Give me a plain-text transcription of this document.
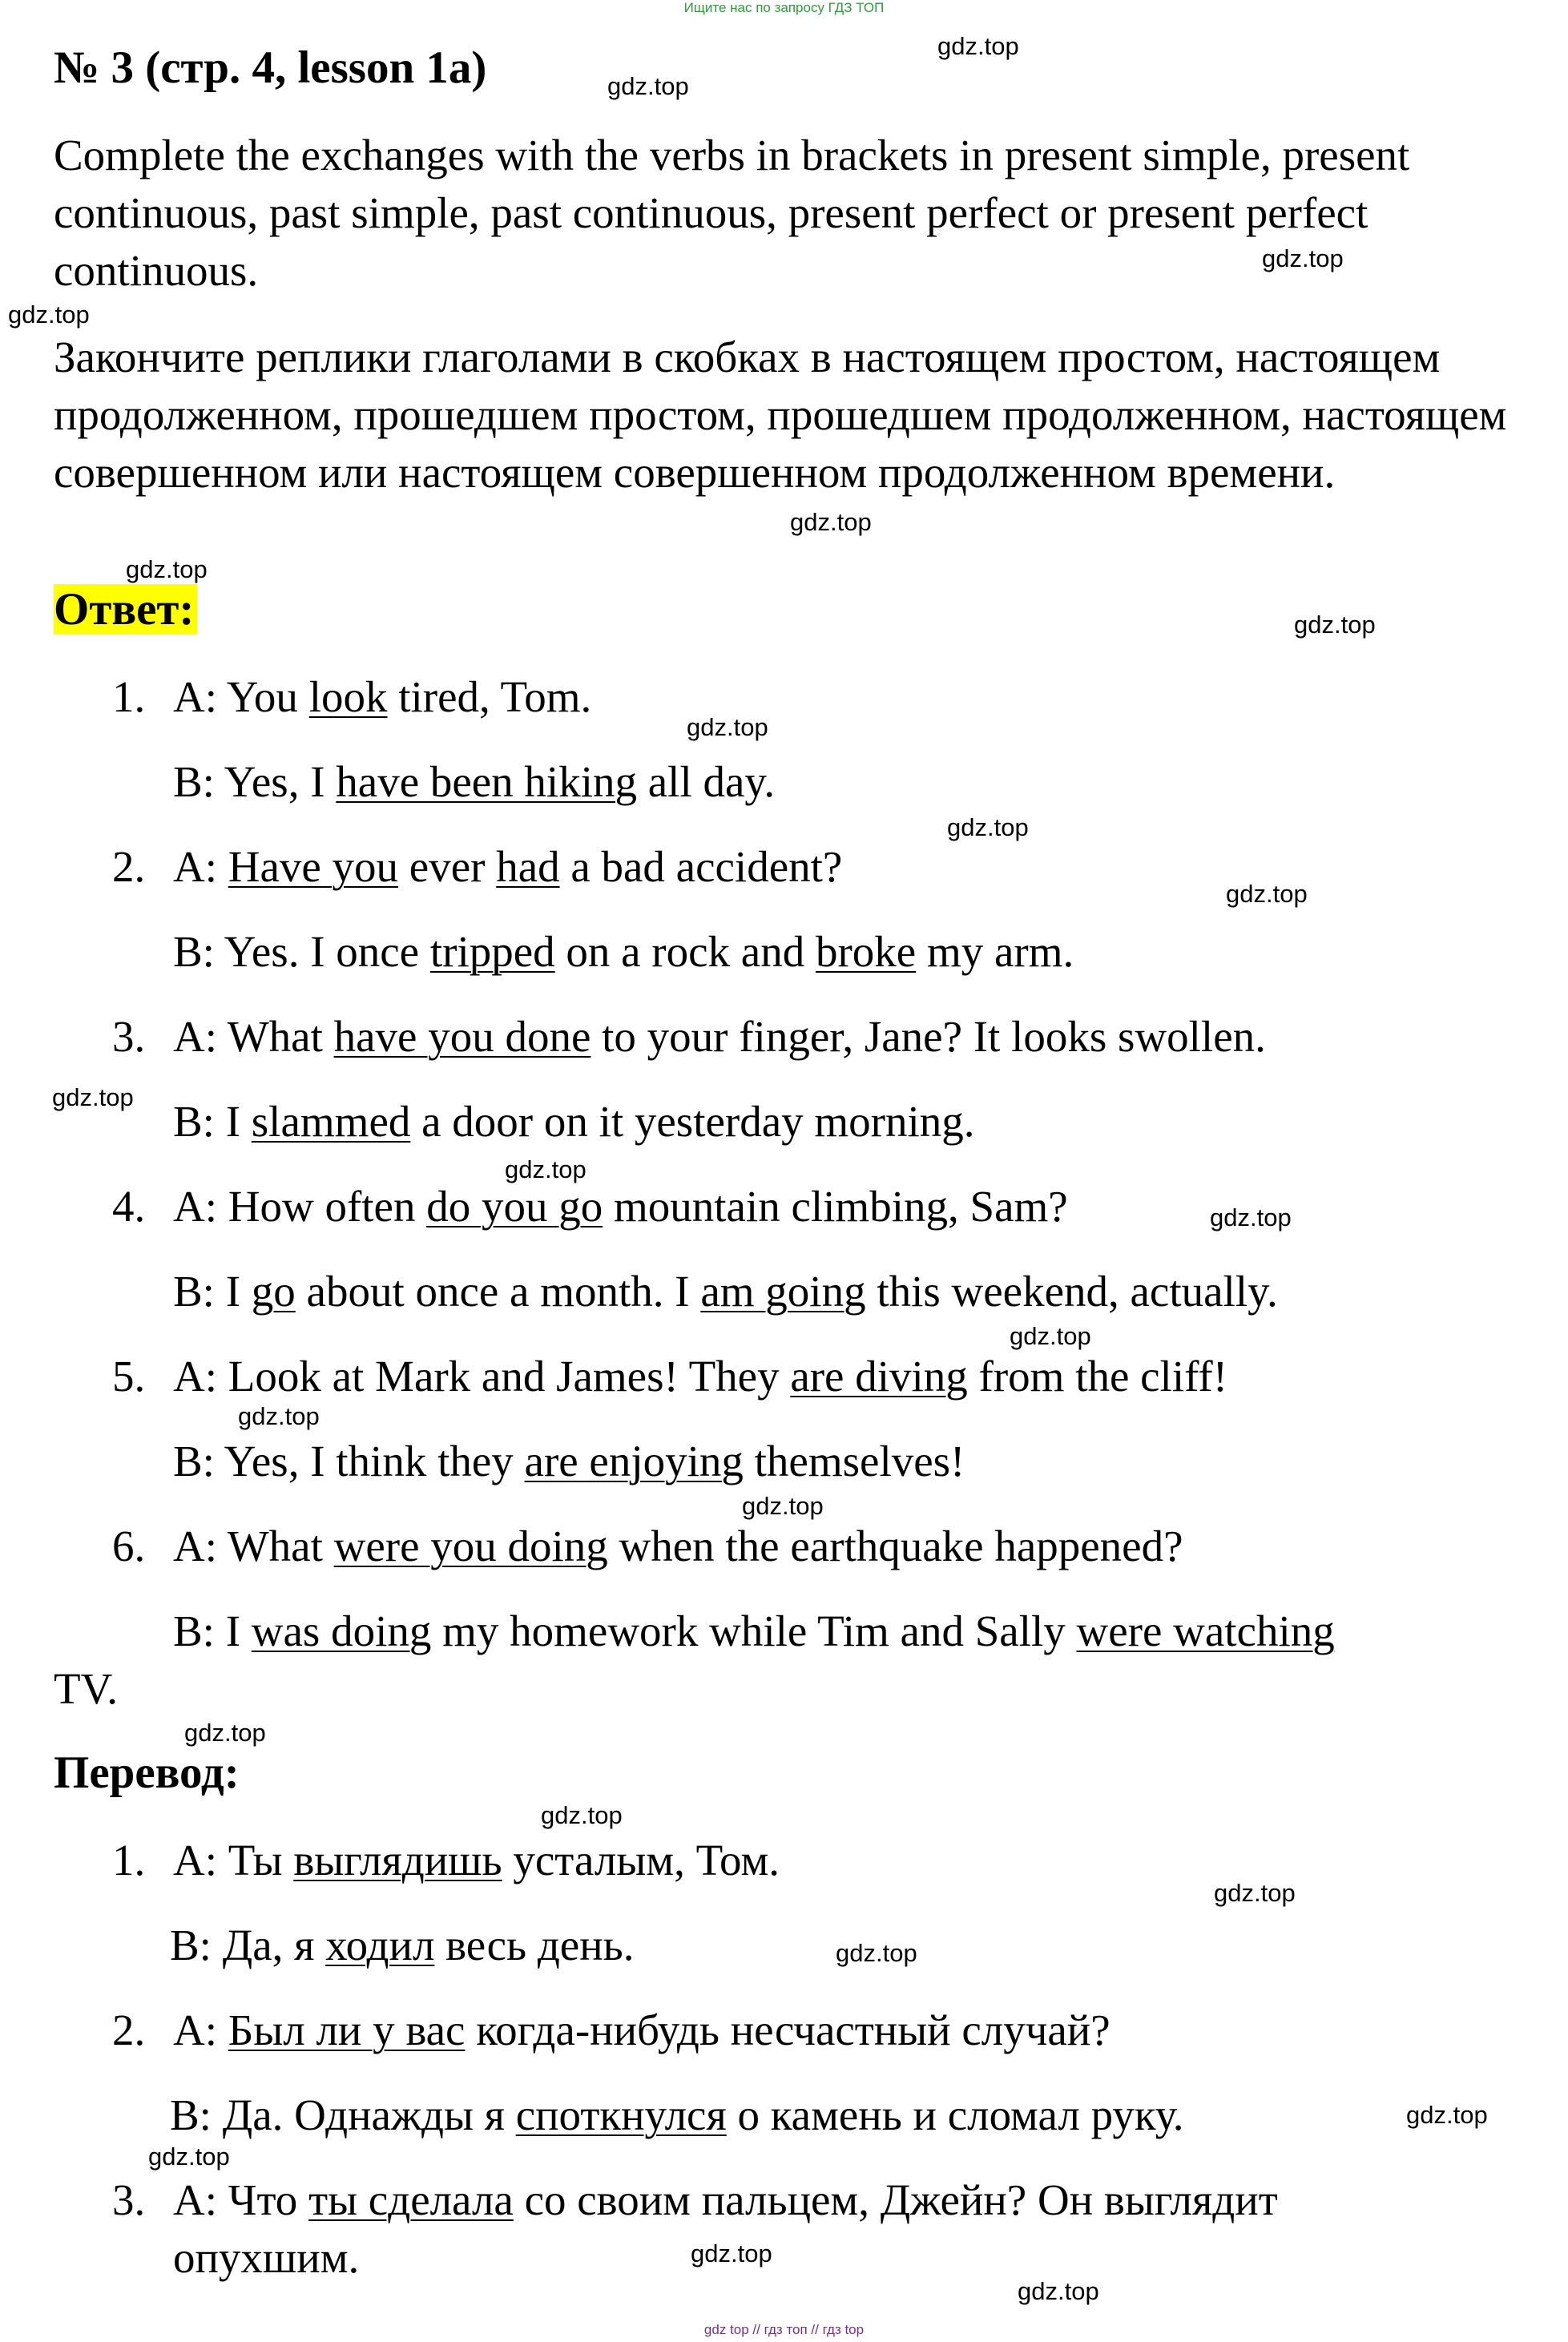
Ищите нас по запросу ГДЗ ТОП
№ 3 (стр. 4, lesson 1a)
Complete the exchanges with the verbs in brackets in present simple, present continuous, past simple, past continuous, present perfect or present perfect continuous.
Закончите реплики глаголами в скобках в настоящем простом, настоящем продолженном, прошедшем простом, прошедшем продолженном, настоящем совершенном или настоящем совершенном продолженном времени.
Ответ:
1. A: You look tired, Tom.
B: Yes, I have been hiking all day.
2. A: Have you ever had a bad accident?
B: Yes. I once tripped on a rock and broke my arm.
3. A: What have you done to your finger, Jane? It looks swollen.
B: I slammed a door on it yesterday morning.
4. A: How often do you go mountain climbing, Sam?
B: I go about once a month. I am going this weekend, actually.
5. A: Look at Mark and James! They are diving from the cliff!
B: Yes, I think they are enjoying themselves!
6. A: What were you doing when the earthquake happened?
B: I was doing my homework while Tim and Sally were watching
TV.
Перевод:
1. A: Ты выглядишь усталым, Том.
B: Да, я ходил весь день.
2. A: Был ли у вас когда-нибудь несчастный случай?
B: Да. Однажды я споткнулся о камень и сломал руку.
3. A: Что ты сделала со своим пальцем, Джейн? Он выглядит
опухшим.
gdz.top
gdz.top
gdz.top
gdz.top
gdz.top
gdz.top
gdz.top
gdz.top
gdz.top
gdz.top
gdz.top
gdz.top
gdz.top
gdz.top
gdz.top
gdz.top
gdz.top
gdz.top
gdz.top
gdz.top
gdz.top
gdz.top
gdz.top
gdz.top
gdz top // гдз топ // гдз top
